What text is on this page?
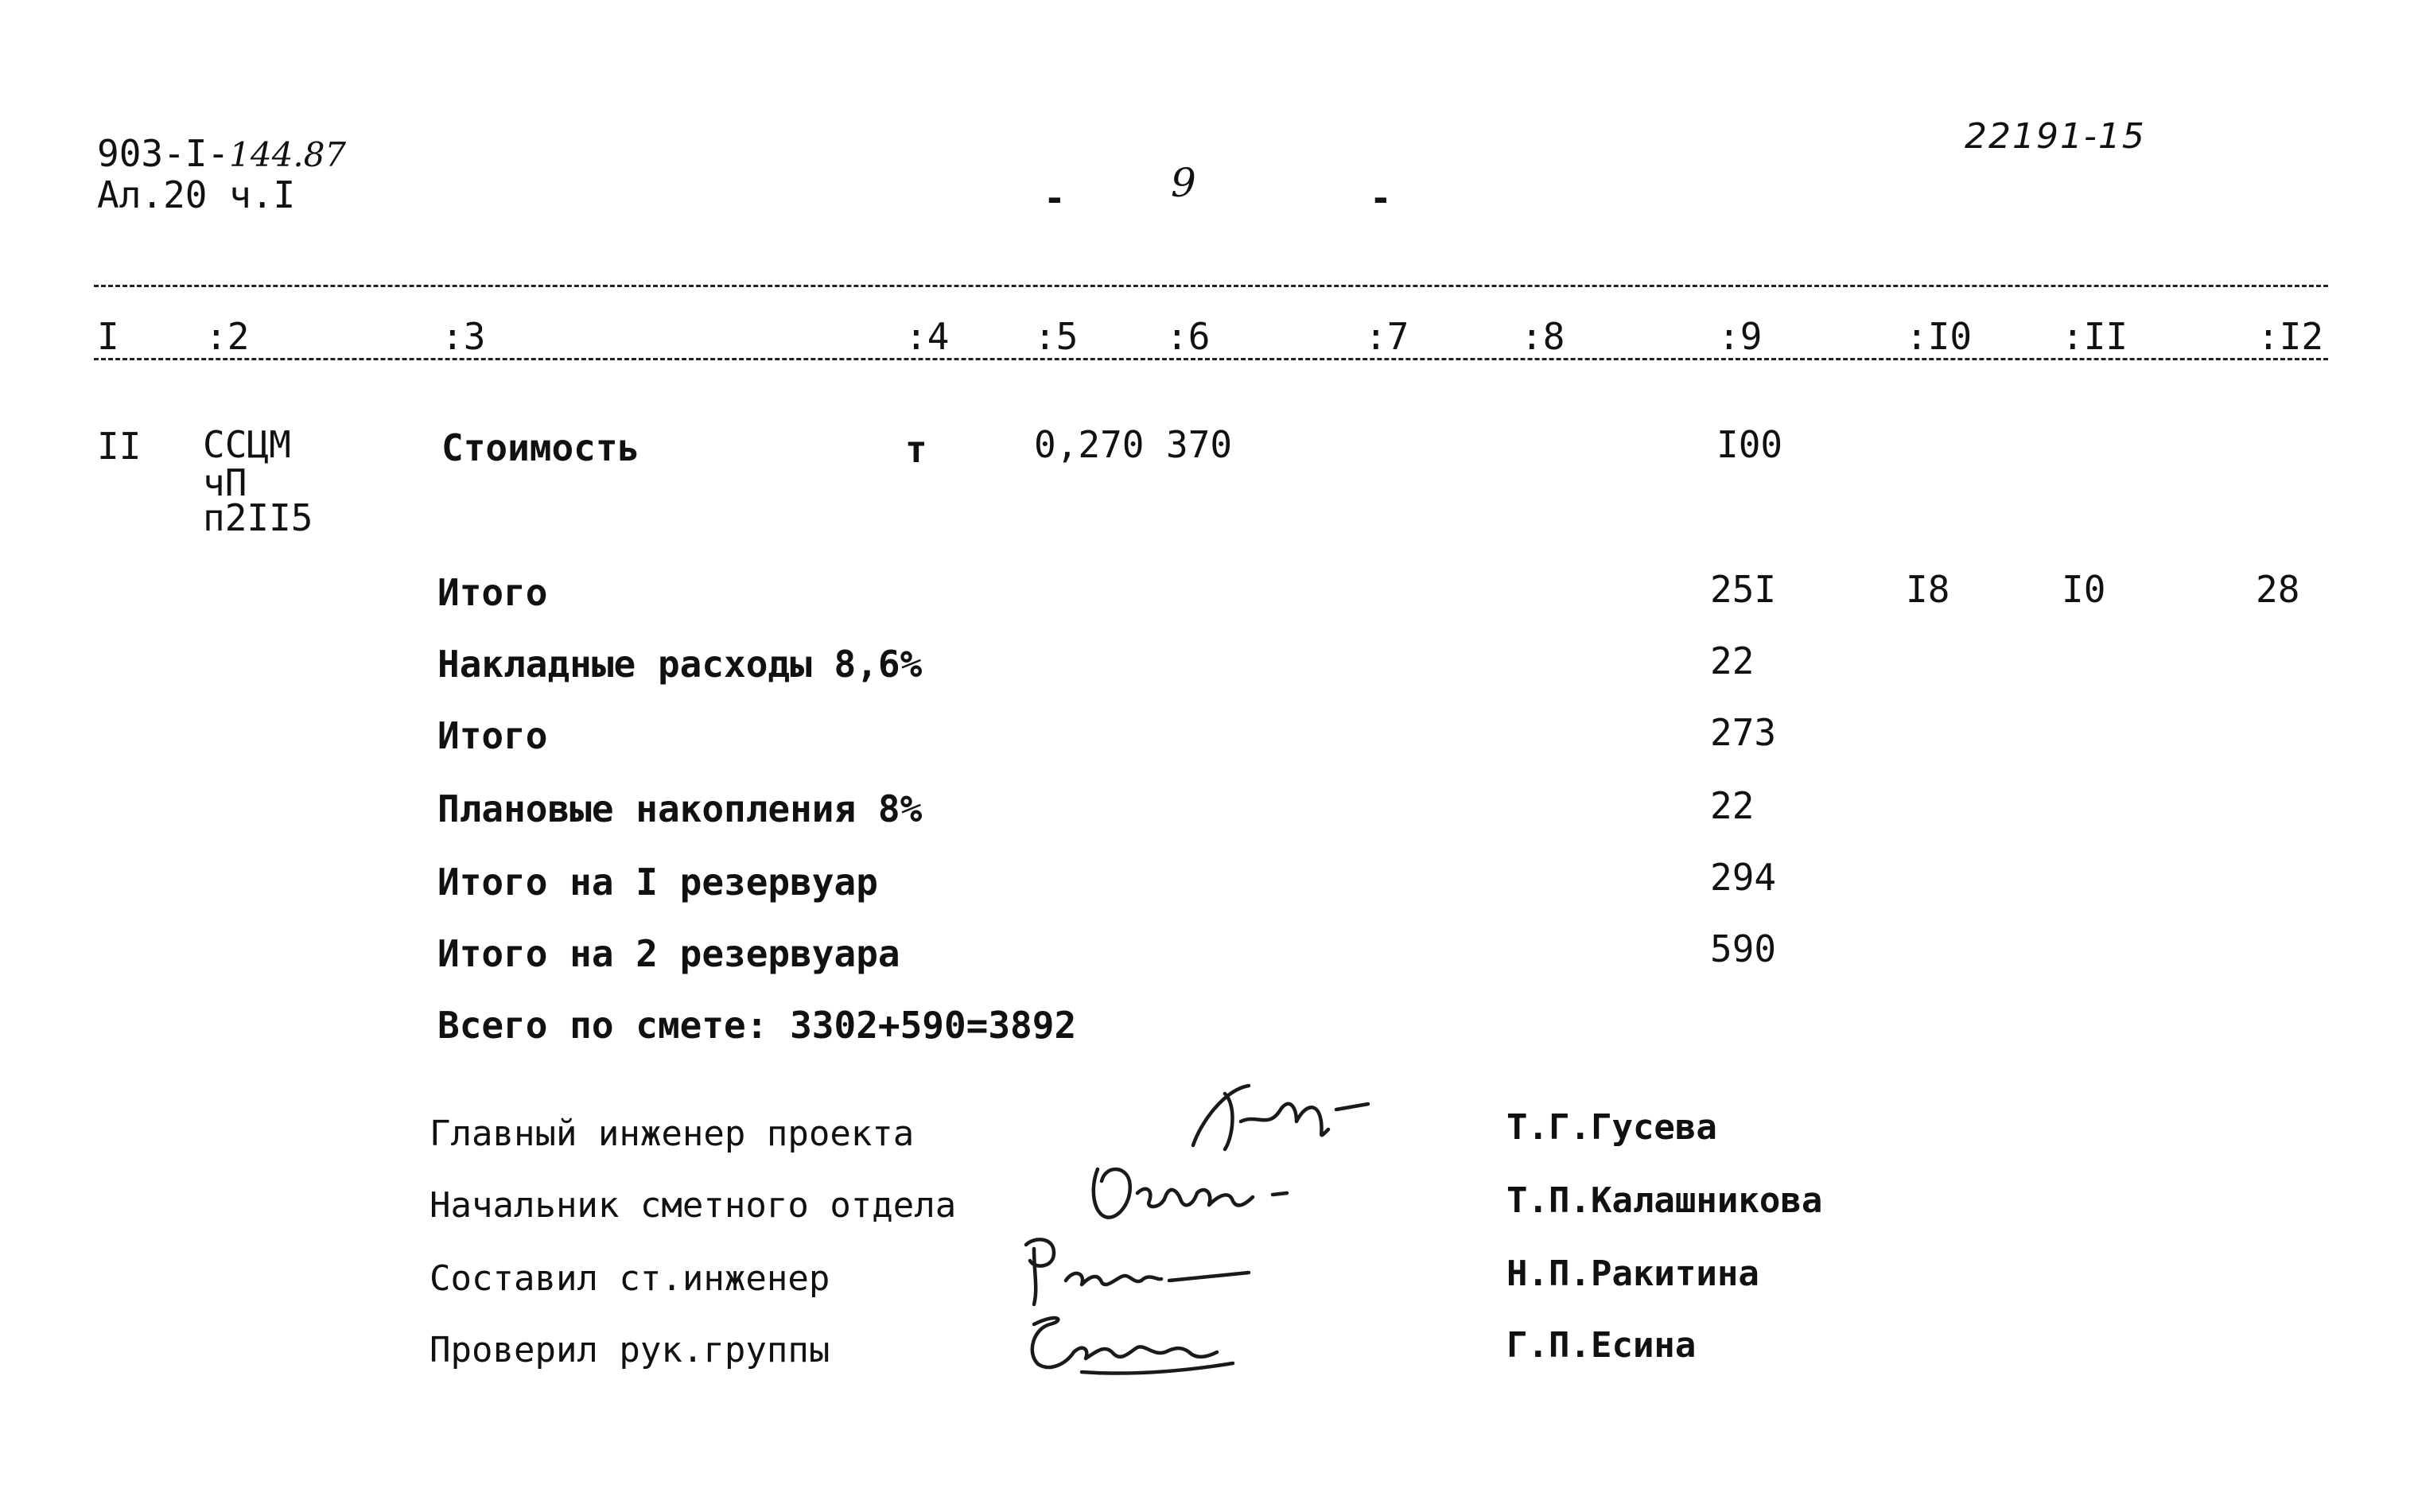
903-I-144.87
Ал.20 ч.I	-	9	-
22191-15
I :2	:3	:4 :5 :6	:7	:8	:9	:I0 :II	:I2
II ССЦМ
чП
п2II5
Стоимость	т	0,270 370	I00
Итого	25I	I8	I0	28
Накладные расходы 8,6%	22
Итого	273
Плановые накопления 8%	22
Итого на I резервуар	294
Итого на 2 резервуара	590
Всего по смете: 3302+590=3892
Главный инженер проекта	Т.Г.Гусева
Начальник сметного отдела	Т.П.Калашникова
Составил ст.инженер	Н.П.Ракитина
Проверил рук.группы	Г.П.Есина
